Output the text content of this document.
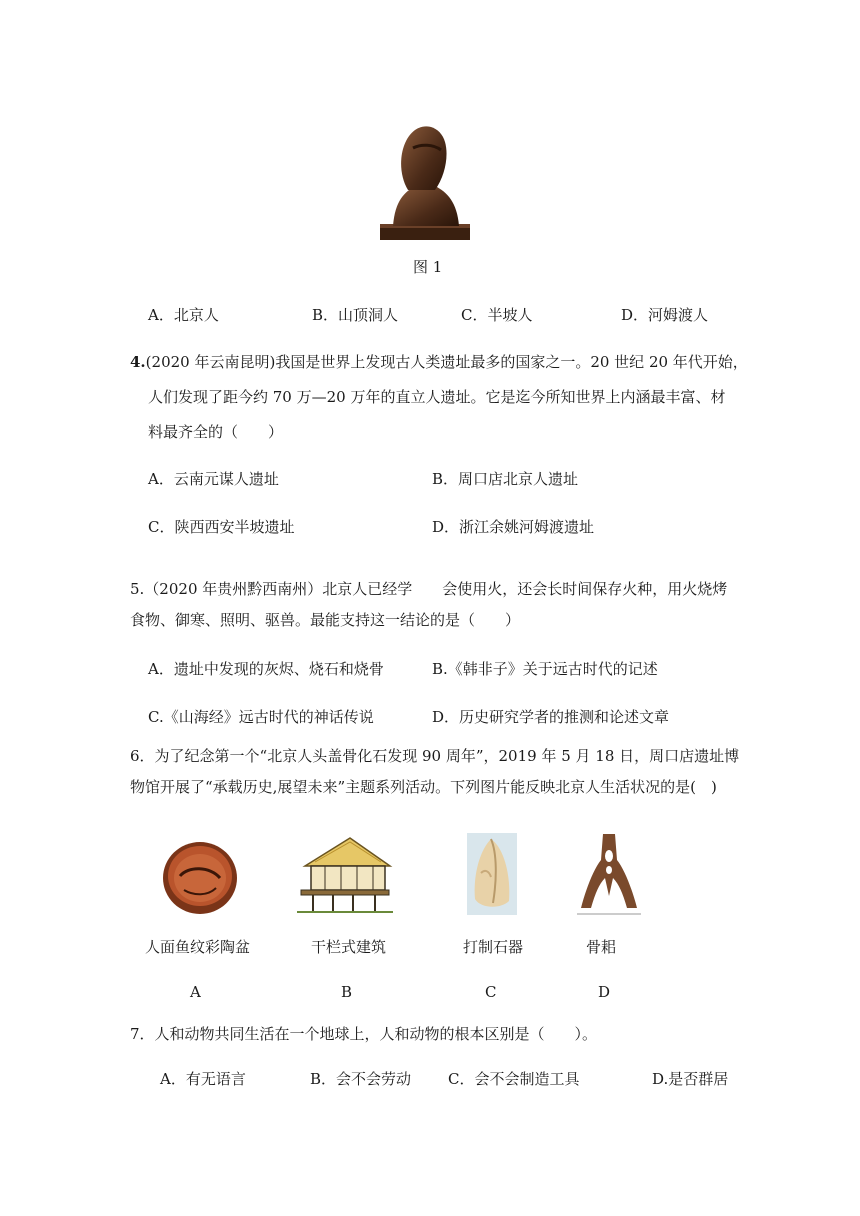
图 1
A．北京人	B．山顶洞人	C．半坡人	D．河姆渡人
4.(2020 年云南昆明)我国是世界上发现古人类遗址最多的国家之一。20 世纪 20 年代开始，
人们发现了距今约 70 万—20 万年的直立人遗址。它是迄今所知世界上内涵最丰富、材
料最齐全的（　　）
A．云南元谋人遗址	B．周口店北京人遗址
C．陕西西安半坡遗址	D．浙江余姚河姆渡遗址
5.（2020 年贵州黔西南州）北京人已经学　　会使用火，还会长时间保存火种，用火烧烤
食物、御寒、照明、驱兽。最能支持这一结论的是（　　）
A．遗址中发现的灰烬、烧石和烧骨	B.《韩非子》关于远古时代的记述
C.《山海经》远古时代的神话传说	D．历史研究学者的推测和论述文章
6．为了纪念第一个“北京人头盖骨化石发现 90 周年”，2019 年 5 月 18 日，周口店遗址博
物馆开展了“承载历史,展望未来”主题系列活动。下列图片能反映北京人生活状况的是(　)
人面鱼纹彩陶盆	干栏式建筑	打制石器	骨耜
A	B	C	D
7．人和动物共同生活在一个地球上，人和动物的根本区别是（　　）。
A．有无语言	B．会不会劳动 C．会不会制造工具	D.是否群居
